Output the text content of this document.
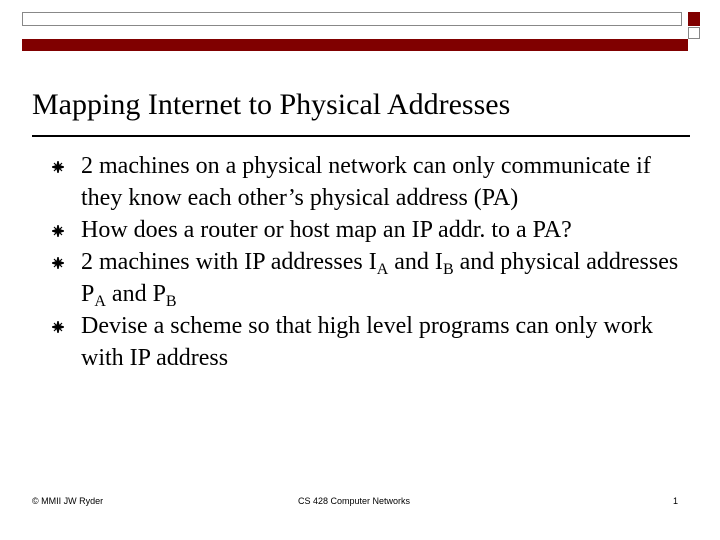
Mapping Internet to Physical Addresses
2 machines on a physical network can only communicate if they know each other’s physical address (PA)
How does a router or host map an IP addr. to a PA?
2 machines with IP addresses $I_A$ and $I_B$ and physical addresses $P_A$ and $P_B$
Devise a scheme so that high level programs can only work with IP address
© MMII JW Ryder	CS 428 Computer Networks	1
